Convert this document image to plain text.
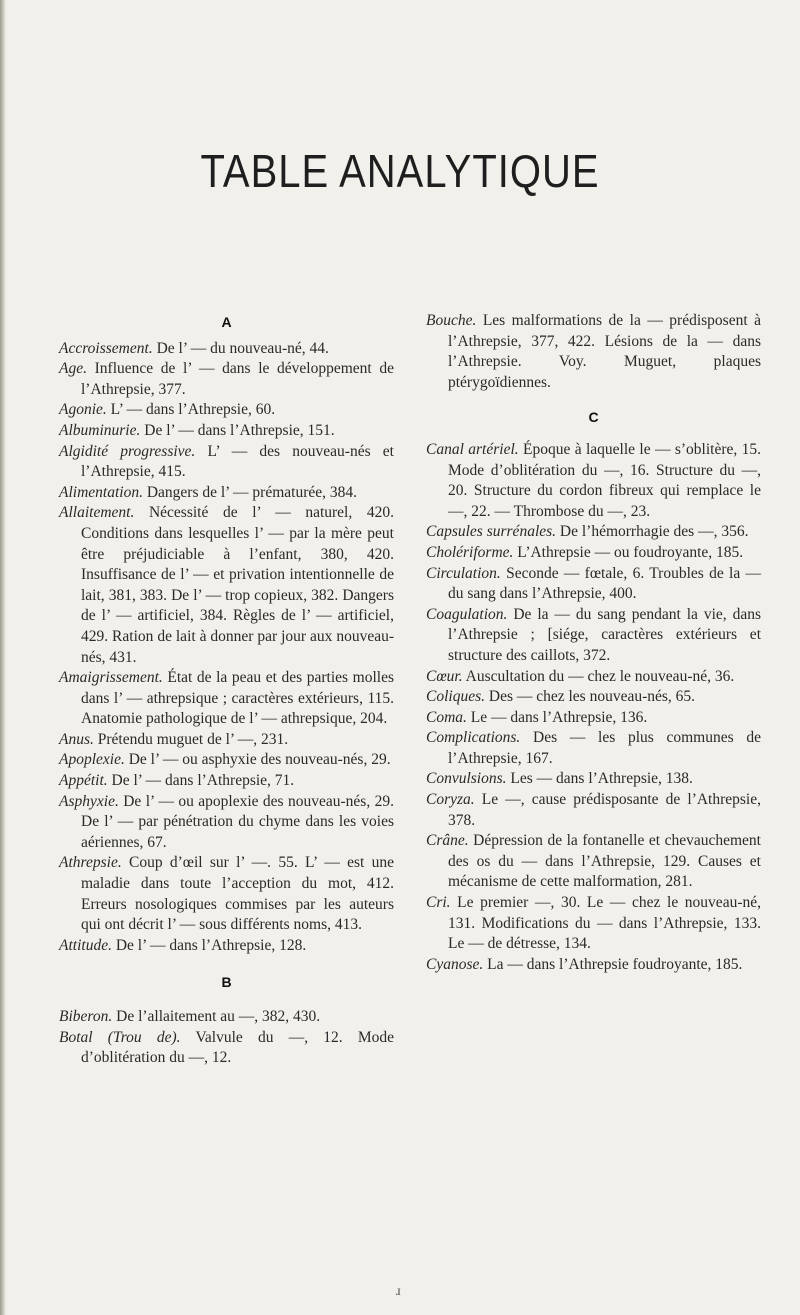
TABLE ANALYTIQUE
A

Accroissement. De l’ — du nouveau-né, 44.

Age. Influence de l’ — dans le développement de l’Athrepsie, 377.

Agonie. L’ — dans l’Athrepsie, 60.

Albuminurie. De l’ — dans l’Athrepsie, 151.

Algidité progressive. L’ — des nouveau-nés et l’Athrepsie, 415.

Alimentation. Dangers de l’ — prématurée, 384.

Allaitement. Nécessité de l’ — naturel, 420. Conditions dans lesquelles l’ — par la mère peut être préjudiciable à l’enfant, 380, 420. Insuffisance de l’ — et privation intentionnelle de lait, 381, 383. De l’ — trop copieux, 382. Dangers de l’ — artificiel, 384. Règles de l’ — artificiel, 429. Ration de lait à donner par jour aux nouveau-nés, 431.

Amaigrissement. État de la peau et des parties molles dans l’ — athrepsique ; caractères extérieurs, 115. Anatomie pathologique de l’ — athrepsique, 204.

Anus. Prétendu muguet de l’ —, 231.

Apoplexie. De l’ — ou asphyxie des nouveau-nés, 29.

Appétit. De l’ — dans l’Athrepsie, 71.

Asphyxie. De l’ — ou apoplexie des nouveau-nés, 29. De l’ — par pénétration du chyme dans les voies aériennes, 67.

Athrepsie. Coup d’œil sur l’ —. 55. L’ — est une maladie dans toute l’acception du mot, 412. Erreurs nosologiques commises par les auteurs qui ont décrit l’ — sous différents noms, 413.

Attitude. De l’ — dans l’Athrepsie, 128.

B

Biberon. De l’allaitement au —, 382, 430.

Botal (Trou de). Valvule du —, 12. Mode d’oblitération du —, 12.

Bouche. Les malformations de la — prédisposent à l’Athrepsie, 377, 422. Lésions de la — dans l’Athrepsie. Voy. Muguet, plaques ptérygoïdiennes.

C

Canal artériel. Époque à laquelle le — s’oblitère, 15. Mode d’oblitération du —, 16. Structure du —, 20. Structure du cordon fibreux qui remplace le —, 22. — Thrombose du —, 23.

Capsules surrénales. De l’hémorrhagie des —, 356.

Cholériforme. L’Athrepsie — ou foudroyante, 185.

Circulation. Seconde — fœtale, 6. Troubles de la — du sang dans l’Athrepsie, 400.

Coagulation. De la — du sang pendant la vie, dans l’Athrepsie ; [siége, caractères extérieurs et structure des caillots, 372.

Cœur. Auscultation du — chez le nouveau-né, 36.

Coliques. Des — chez les nouveau-nés, 65.

Coma. Le — dans l’Athrepsie, 136.

Complications. Des — les plus communes de l’Athrepsie, 167.

Convulsions. Les — dans l’Athrepsie, 138.

Coryza. Le —, cause prédisposante de l’Athrepsie, 378.

Crâne. Dépression de la fontanelle et chevauchement des os du — dans l’Athrepsie, 129. Causes et mécanisme de cette malformation, 281.

Cri. Le premier —, 30. Le — chez le nouveau-né, 131. Modifications du — dans l’Athrepsie, 133. Le — de détresse, 134.

Cyanose. La — dans l’Athrepsie foudroyante, 185.

ɹ
